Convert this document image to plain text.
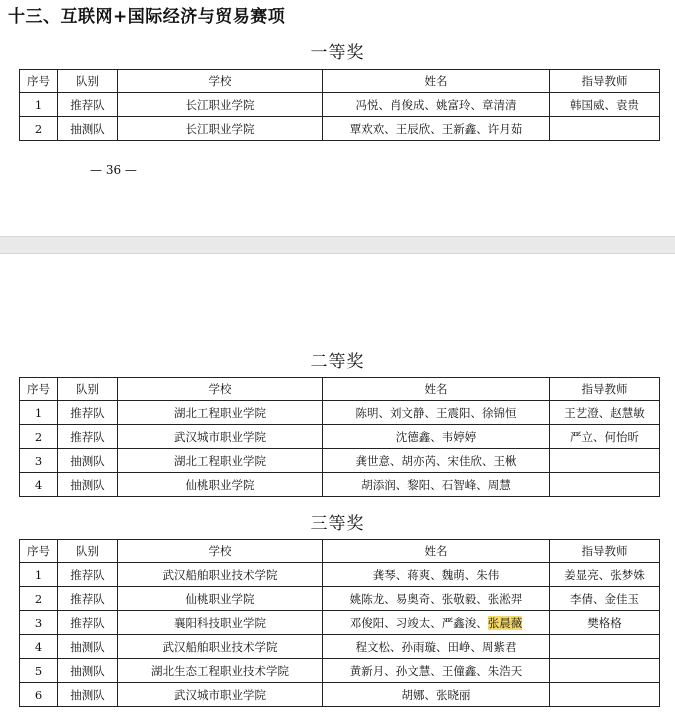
十三、互联网+国际经济与贸易赛项
一等奖
序号	队别	学校	姓名	指导教师
1	推荐队	长江职业学院	冯悦、肖俊成、姚富玲、章清清	韩国威、袁贵
2	抽测队	长江职业学院	覃欢欢、王辰欣、王新鑫、许月茹	
— 36 —
二等奖
序号	队别	学校	姓名	指导教师
1	推荐队	湖北工程职业学院	陈明、刘文静、王震阳、徐锦恒	王艺澄、赵慧敏
2	推荐队	武汉城市职业学院	沈德鑫、韦婷婷	严立、何怡昕
3	抽测队	湖北工程职业学院	龚世意、胡亦芮、宋佳欣、王楸	
4	抽测队	仙桃职业学院	胡添润、黎阳、石智峰、周慧	
三等奖
序号	队别	学校	姓名	指导教师
1	推荐队	武汉船舶职业技术学院	龚琴、蒋爽、魏萌、朱伟	姜显亮、张梦姝
2	推荐队	仙桃职业学院	姚陈龙、易奥奇、张敬毅、张淞羿	李倩、金佳玉
3	推荐队	襄阳科技职业学院	邓俊阳、习竣太、严鑫浚、张晨薇	樊格格
4	抽测队	武汉船舶职业技术学院	程文松、孙雨璇、田峥、周紫君	
5	抽测队	湖北生态工程职业技术学院	黄新月、孙文慧、王僮鑫、朱浩天	
6	抽测队	武汉城市职业学院	胡娜、张晓丽	
